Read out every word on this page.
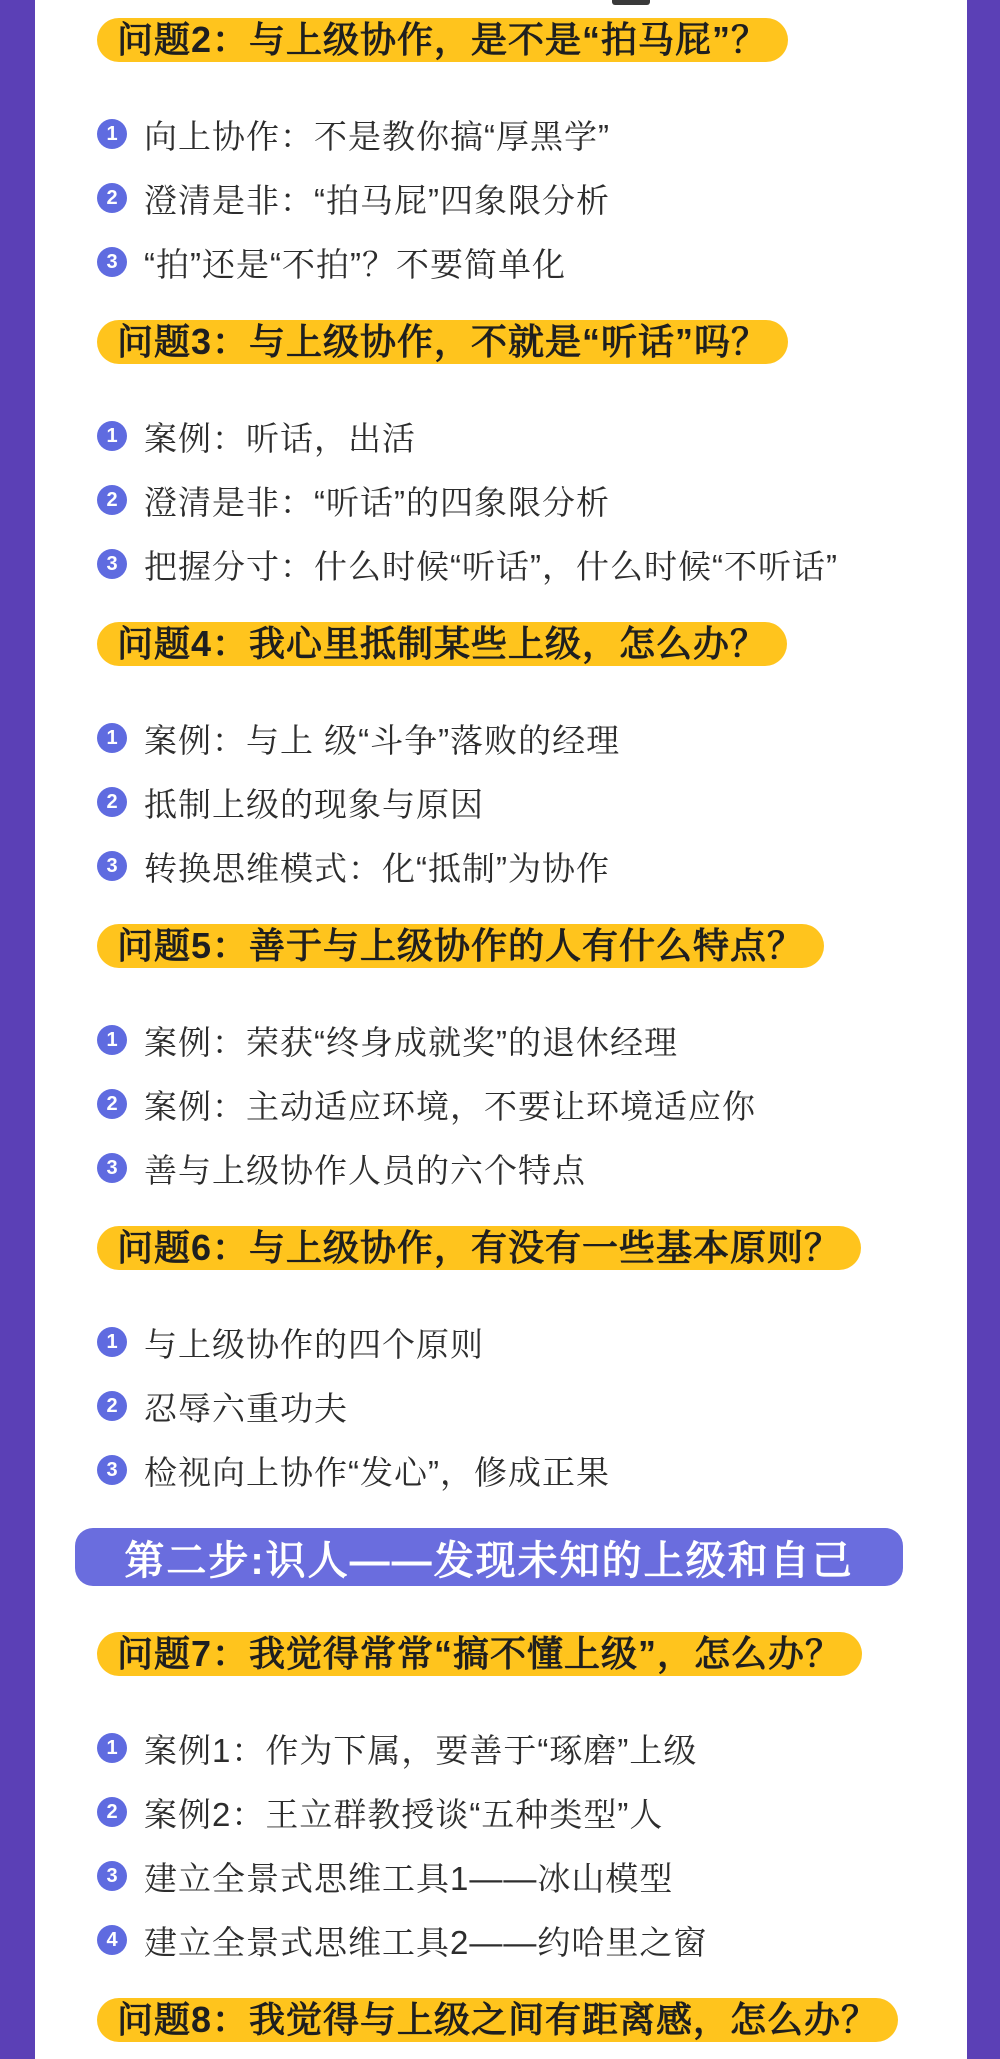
问题2：与上级协作，是不是“拍马屁”？
1 向上协作：不是教你搞“厚黑学”
2 澄清是非：“拍马屁”四象限分析
3 “拍”还是“不拍”？不要简单化
问题3：与上级协作，不就是“听话”吗？
1 案例：听话，出活
2 澄清是非：“听话”的四象限分析
3 把握分寸：什么时候“听话”，什么时候“不听话”
问题4：我心里抵制某些上级，怎么办？
1 案例：与上 级“斗争”落败的经理
2 抵制上级的现象与原因
3 转换思维模式：化“抵制”为协作
问题5：善于与上级协作的人有什么特点？
1 案例：荣获“终身成就奖”的退休经理
2 案例：主动适应环境，不要让环境适应你
3 善与上级协作人员的六个特点
问题6：与上级协作，有没有一些基本原则？
1 与上级协作的四个原则
2 忍辱六重功夫
3 检视向上协作“发心”，修成正果
第二步:识人——发现未知的上级和自己
问题7：我觉得常常“搞不懂上级”，怎么办？
1 案例1：作为下属，要善于“琢磨”上级
2 案例2：王立群教授谈“五种类型”人
3 建立全景式思维工具1——冰山模型
4 建立全景式思维工具2——约哈里之窗
问题8：我觉得与上级之间有距离感，怎么办？
